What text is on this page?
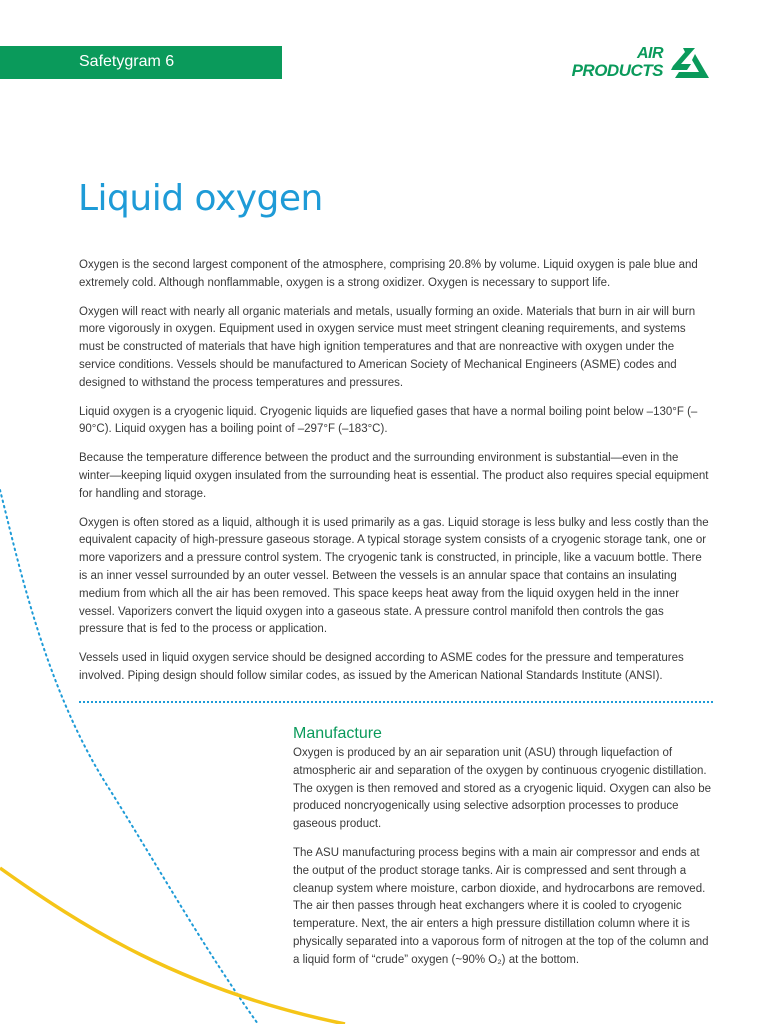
Safetygram 6	AIR
PRODUCTS
Liquid oxygen

Oxygen is the second largest component of the atmosphere, comprising 20.8% by volume. Liquid oxygen is pale blue and extremely cold. Although nonflammable, oxygen is a strong oxidizer. Oxygen is necessary to support life.

Oxygen will react with nearly all organic materials and metals, usually forming an oxide. Materials that burn in air will burn more vigorously in oxygen. Equipment used in oxygen service must meet stringent cleaning requirements, and systems must be constructed of materials that have high ignition temperatures and that are nonreactive with oxygen under the service conditions. Vessels should be manufactured to American Society of Mechanical Engineers (ASME) codes and designed to withstand the process temperatures and pressures.

Liquid oxygen is a cryogenic liquid. Cryogenic liquids are liquefied gases that have a normal boiling point below –130°F (–90°C). Liquid oxygen has a boiling point of –297°F (–183°C).

Because the temperature difference between the product and the surrounding environment is substantial—even in the winter—keeping liquid oxygen insulated from the surrounding heat is essential. The product also requires special equipment for handling and storage.

Oxygen is often stored as a liquid, although it is used primarily as a gas. Liquid storage is less bulky and less costly than the equivalent capacity of high-pressure gaseous storage. A typical storage system consists of a cryogenic storage tank, one or more vaporizers and a pressure control system. The cryogenic tank is constructed, in principle, like a vacuum bottle. There is an inner vessel surrounded by an outer vessel. Between the vessels is an annular space that contains an insulating medium from which all the air has been removed. This space keeps heat away from the liquid oxygen held in the inner vessel. Vaporizers convert the liquid oxygen into a gaseous state. A pressure control manifold then controls the gas pressure that is fed to the process or application.

Vessels used in liquid oxygen service should be designed according to ASME codes for the pressure and temperatures involved. Piping design should follow similar codes, as issued by the American National Standards Institute (ANSI).

Manufacture

Oxygen is produced by an air separation unit (ASU) through liquefaction of atmospheric air and separation of the oxygen by continuous cryogenic distillation. The oxygen is then removed and stored as a cryogenic liquid. Oxygen can also be produced noncryogenically using selective adsorption processes to produce gaseous product.

The ASU manufacturing process begins with a main air compressor and ends at the output of the product storage tanks. Air is compressed and sent through a cleanup system where moisture, carbon dioxide, and hydrocarbons are removed. The air then passes through heat exchangers where it is cooled to cryogenic temperature. Next, the air enters a high pressure distillation column where it is physically separated into a vaporous form of nitrogen at the top of the column and a liquid form of “crude” oxygen (~90% O₂) at the bottom.
